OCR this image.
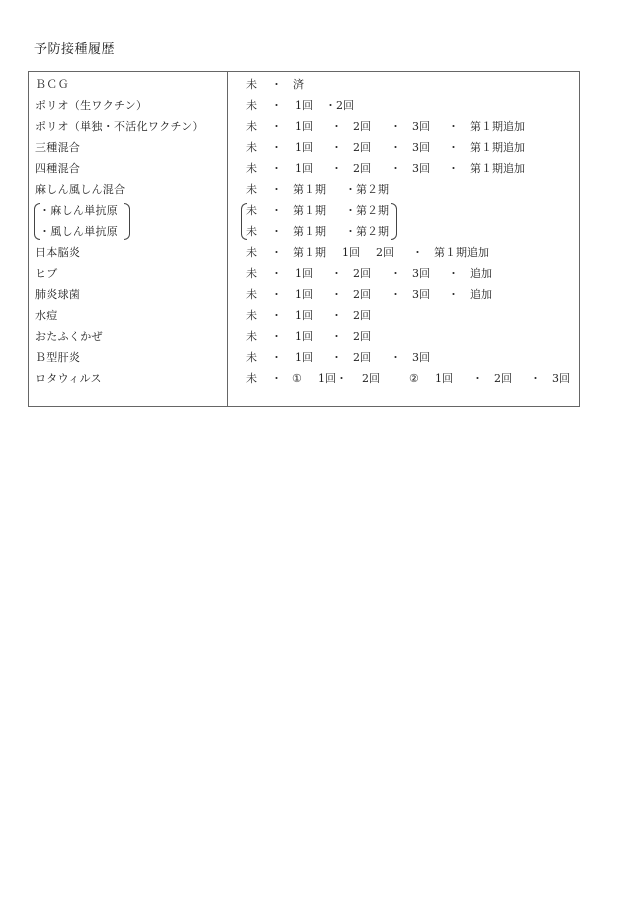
予防接種履歴
ＢＣＧ	未 ・ 済
ポリオ（生ワクチン）	未 ・ 1回 ・2回
ポリオ（単独・不活化ワクチン）	未 ・ 1回 ・ 2回 ・ 3回 ・ 第１期追加
三種混合	未 ・ 1回 ・ 2回 ・ 3回 ・ 第１期追加
四種混合	未 ・ 1回 ・ 2回 ・ 3回 ・ 第１期追加
麻しん風しん混合	未 ・ 第１期 ・第２期
・麻しん単抗原	未 ・ 第１期 ・第２期
・風しん単抗原	未 ・ 第１期 ・第２期
日本脳炎	未 ・ 第１期 1回 2回 ・ 第１期追加
ヒブ	未 ・ 1回 ・ 2回 ・ 3回 ・ 追加
肺炎球菌	未 ・ 1回 ・ 2回 ・ 3回 ・ 追加
水痘	未 ・ 1回 ・ 2回
おたふくかぜ	未 ・ 1回 ・ 2回
Ｂ型肝炎	未 ・ 1回 ・ 2回 ・ 3回
ロタウィルス	未 ・ ① 1回・ 2回	② 1回 ・ 2回 ・ 3回
